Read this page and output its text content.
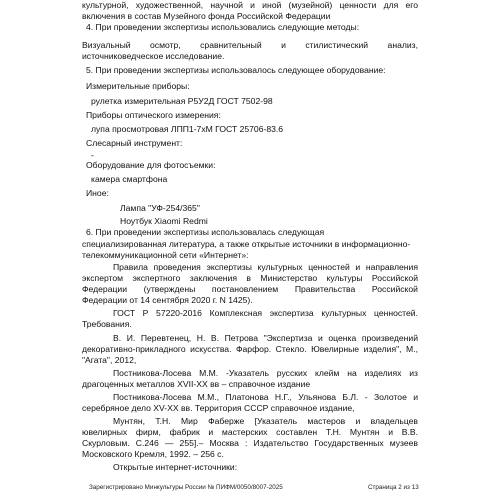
культурной, художественной, научной и иной (музейной) ценности для его
включения в состав Музейного фонда Российской Федерации
4. При проведении экспертизы использовались следующие методы:
Визуальный осмотр, сравнительный и стилистический анализ,
источниковедческое исследование.
5. При проведении экспертизы использовалось следующее оборудование:
Измерительные приборы:
рулетка измерительная Р5У2Д ГОСТ 7502-98
Приборы оптического измерения:
лупа просмотровая ЛПП1-7хМ ГОСТ 25706-83.6
Слесарный инструмент:
-
Оборудование для фотосъемки:
камера смартфона
Иное:
Лампа "УФ-254/365"
Ноутбук Xiaomi Redmi
6. При проведении экспертизы использовалась следующая
специализированная литература, а также открытые источники в информационно-
телекоммуникационной сети «Интернет»:
Правила проведения экспертизы культурных ценностей и направления
экспертом экспертного заключения в Министерство культуры Российской
Федерации (утверждены постановлением Правительства Российской
Федерации от 14 сентября 2020 г. N 1425).
ГОСТ Р 57220-2016 Комплексная экспертиза культурных ценностей.
Требования.
В. И. Перевтенец, Н. В. Петрова "Экспертиза и оценка произведений
декоративно-прикладного искусства. Фарфор. Стекло. Ювелирные изделия", М.,
"Агата", 2012,
Постникова-Лосева М.М. -Указатель русских клейм на изделиях из
драгоценных металлов XVII-XX вв – справочное издание
Постникова-Лосева М.М., Платонова Н.Г., Ульянова Б.Л. - Золотое и
серебряное дело XV-XX вв. Территория СССР справочное издание,
Мунтян, Т.Н. Мир Фаберже [Указатель мастеров и владельцев
ювелирных фирм, фабрик и мастерских составлен Т.Н. Мунтян и В.В.
Скурловым. С.246 — 255].– Москва : Издательство Государственных музеев
Московского Кремля, 1992. – 256 с.
Открытые интернет-источники:
Зарегистрировано Минкультуры России № ПИФМ/0050/8007-2025	Страница 2 из 13
